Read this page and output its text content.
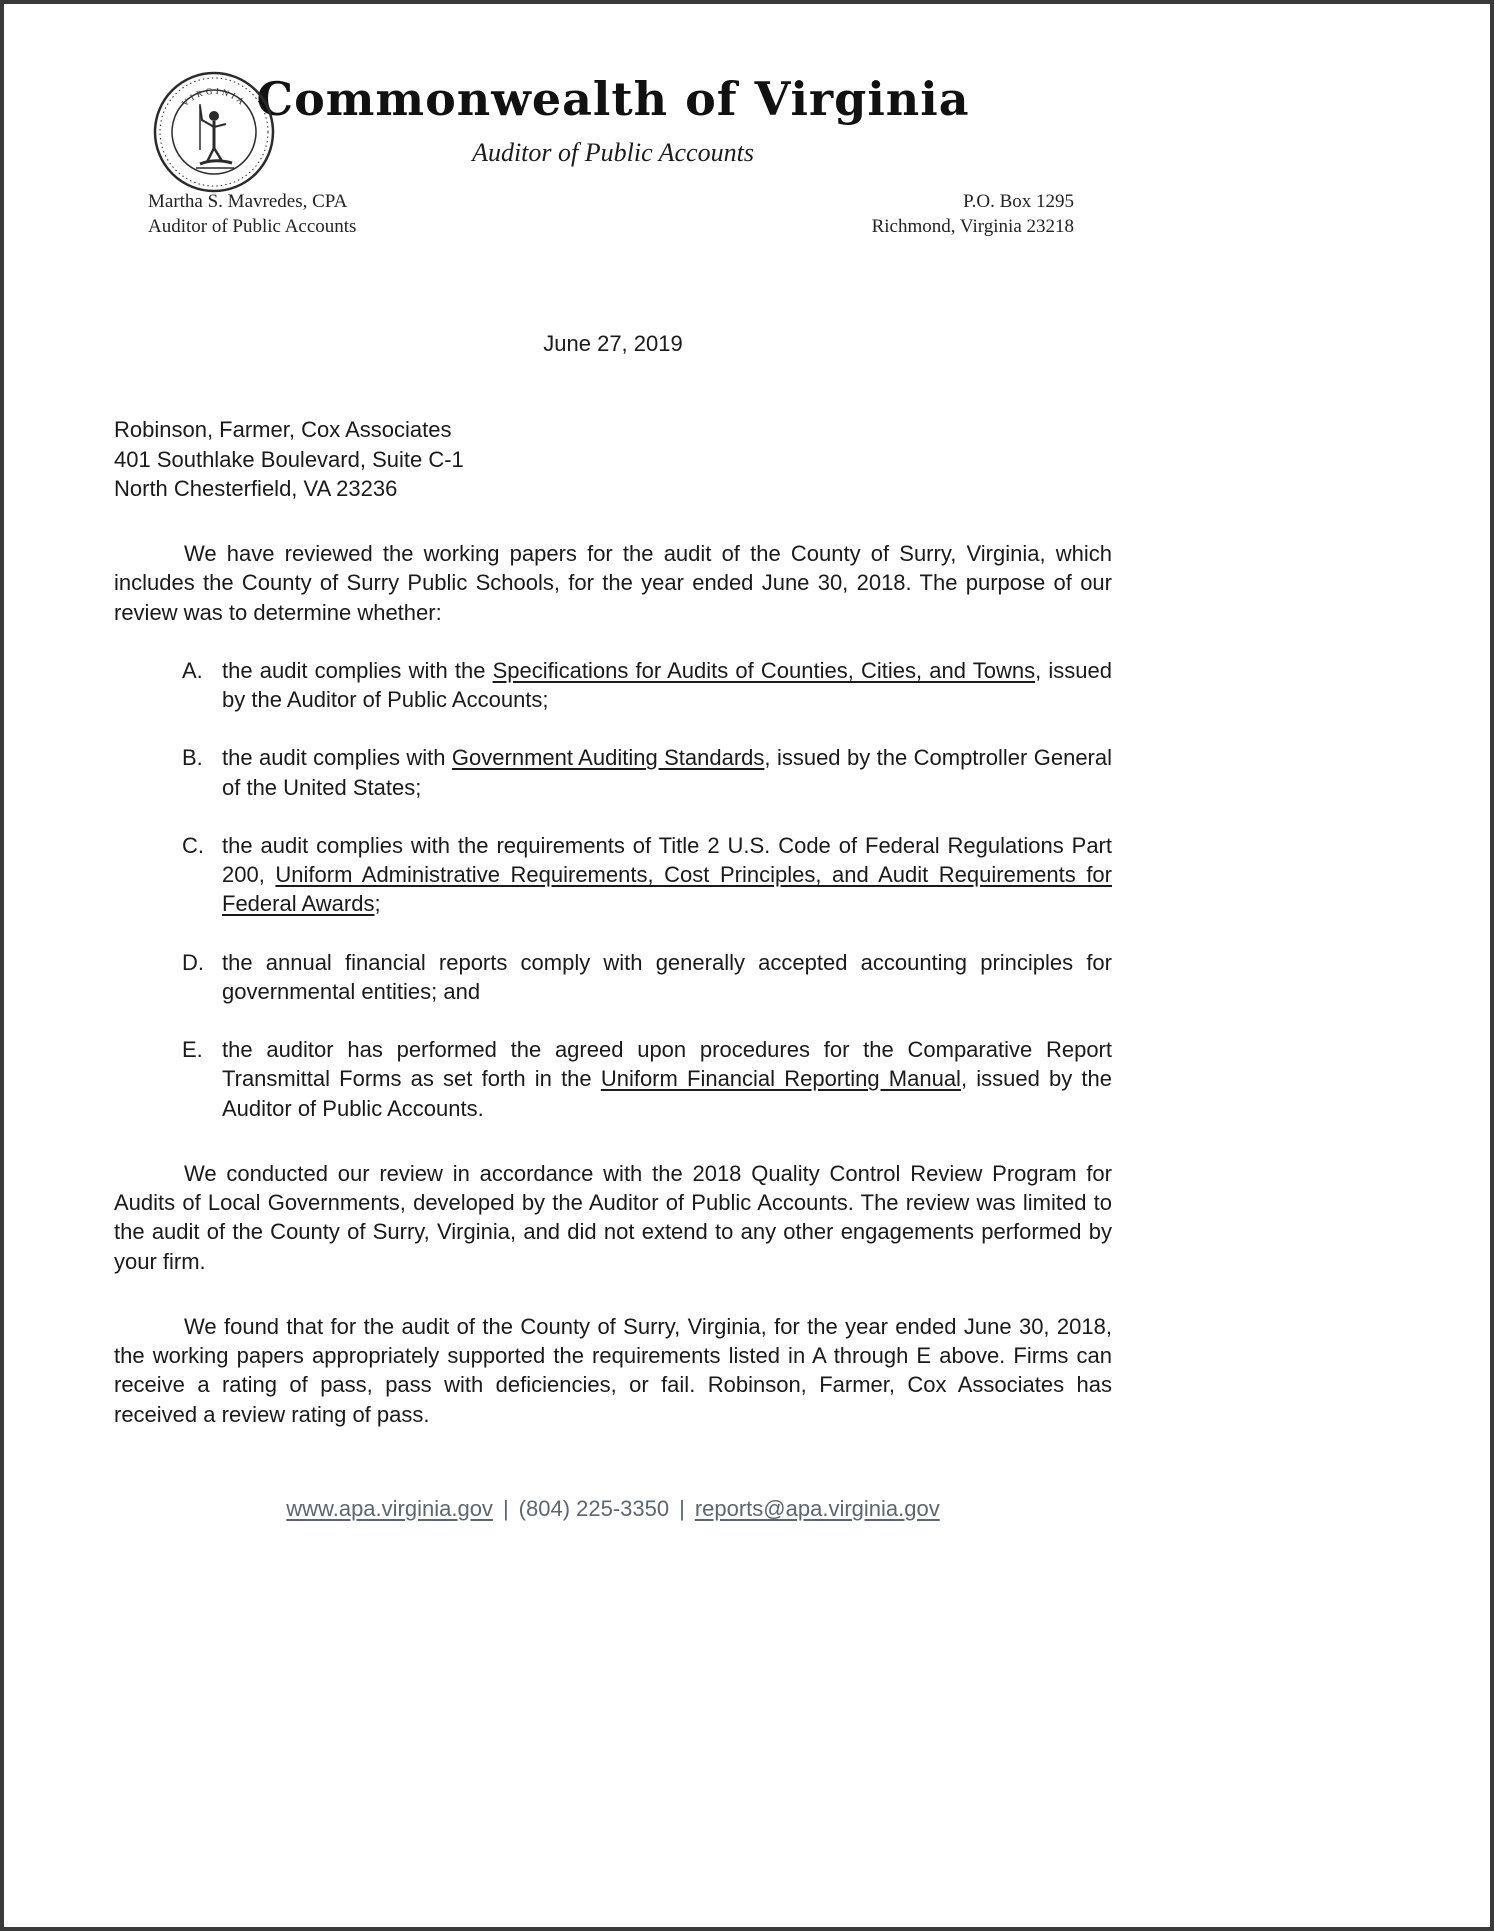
VIRGINIA Commonwealth of Virginia
Auditor of Public Accounts
Martha S. Mavredes, CPA
Auditor of Public Accounts
P.O. Box 1295
Richmond, Virginia 23218
June 27, 2019
Robinson, Farmer, Cox Associates
401 Southlake Boulevard, Suite C-1
North Chesterfield, VA 23236

We have reviewed the working papers for the audit of the County of Surry, Virginia, which includes the County of Surry Public Schools, for the year ended June 30, 2018. The purpose of our review was to determine whether:

A. the audit complies with the Specifications for Audits of Counties, Cities, and Towns, issued by the Auditor of Public Accounts;
B. the audit complies with Government Auditing Standards, issued by the Comptroller General of the United States;
C. the audit complies with the requirements of Title 2 U.S. Code of Federal Regulations Part 200, Uniform Administrative Requirements, Cost Principles, and Audit Requirements for Federal Awards;
D. the annual financial reports comply with generally accepted accounting principles for governmental entities; and
E. the auditor has performed the agreed upon procedures for the Comparative Report Transmittal Forms as set forth in the Uniform Financial Reporting Manual, issued by the Auditor of Public Accounts.

We conducted our review in accordance with the 2018 Quality Control Review Program for Audits of Local Governments, developed by the Auditor of Public Accounts. The review was limited to the audit of the County of Surry, Virginia, and did not extend to any other engagements performed by your firm.

We found that for the audit of the County of Surry, Virginia, for the year ended June 30, 2018, the working papers appropriately supported the requirements listed in A through E above. Firms can receive a rating of pass, pass with deficiencies, or fail. Robinson, Farmer, Cox Associates has received a review rating of pass.

www.apa.virginia.gov | (804) 225-3350 | reports@apa.virginia.gov
